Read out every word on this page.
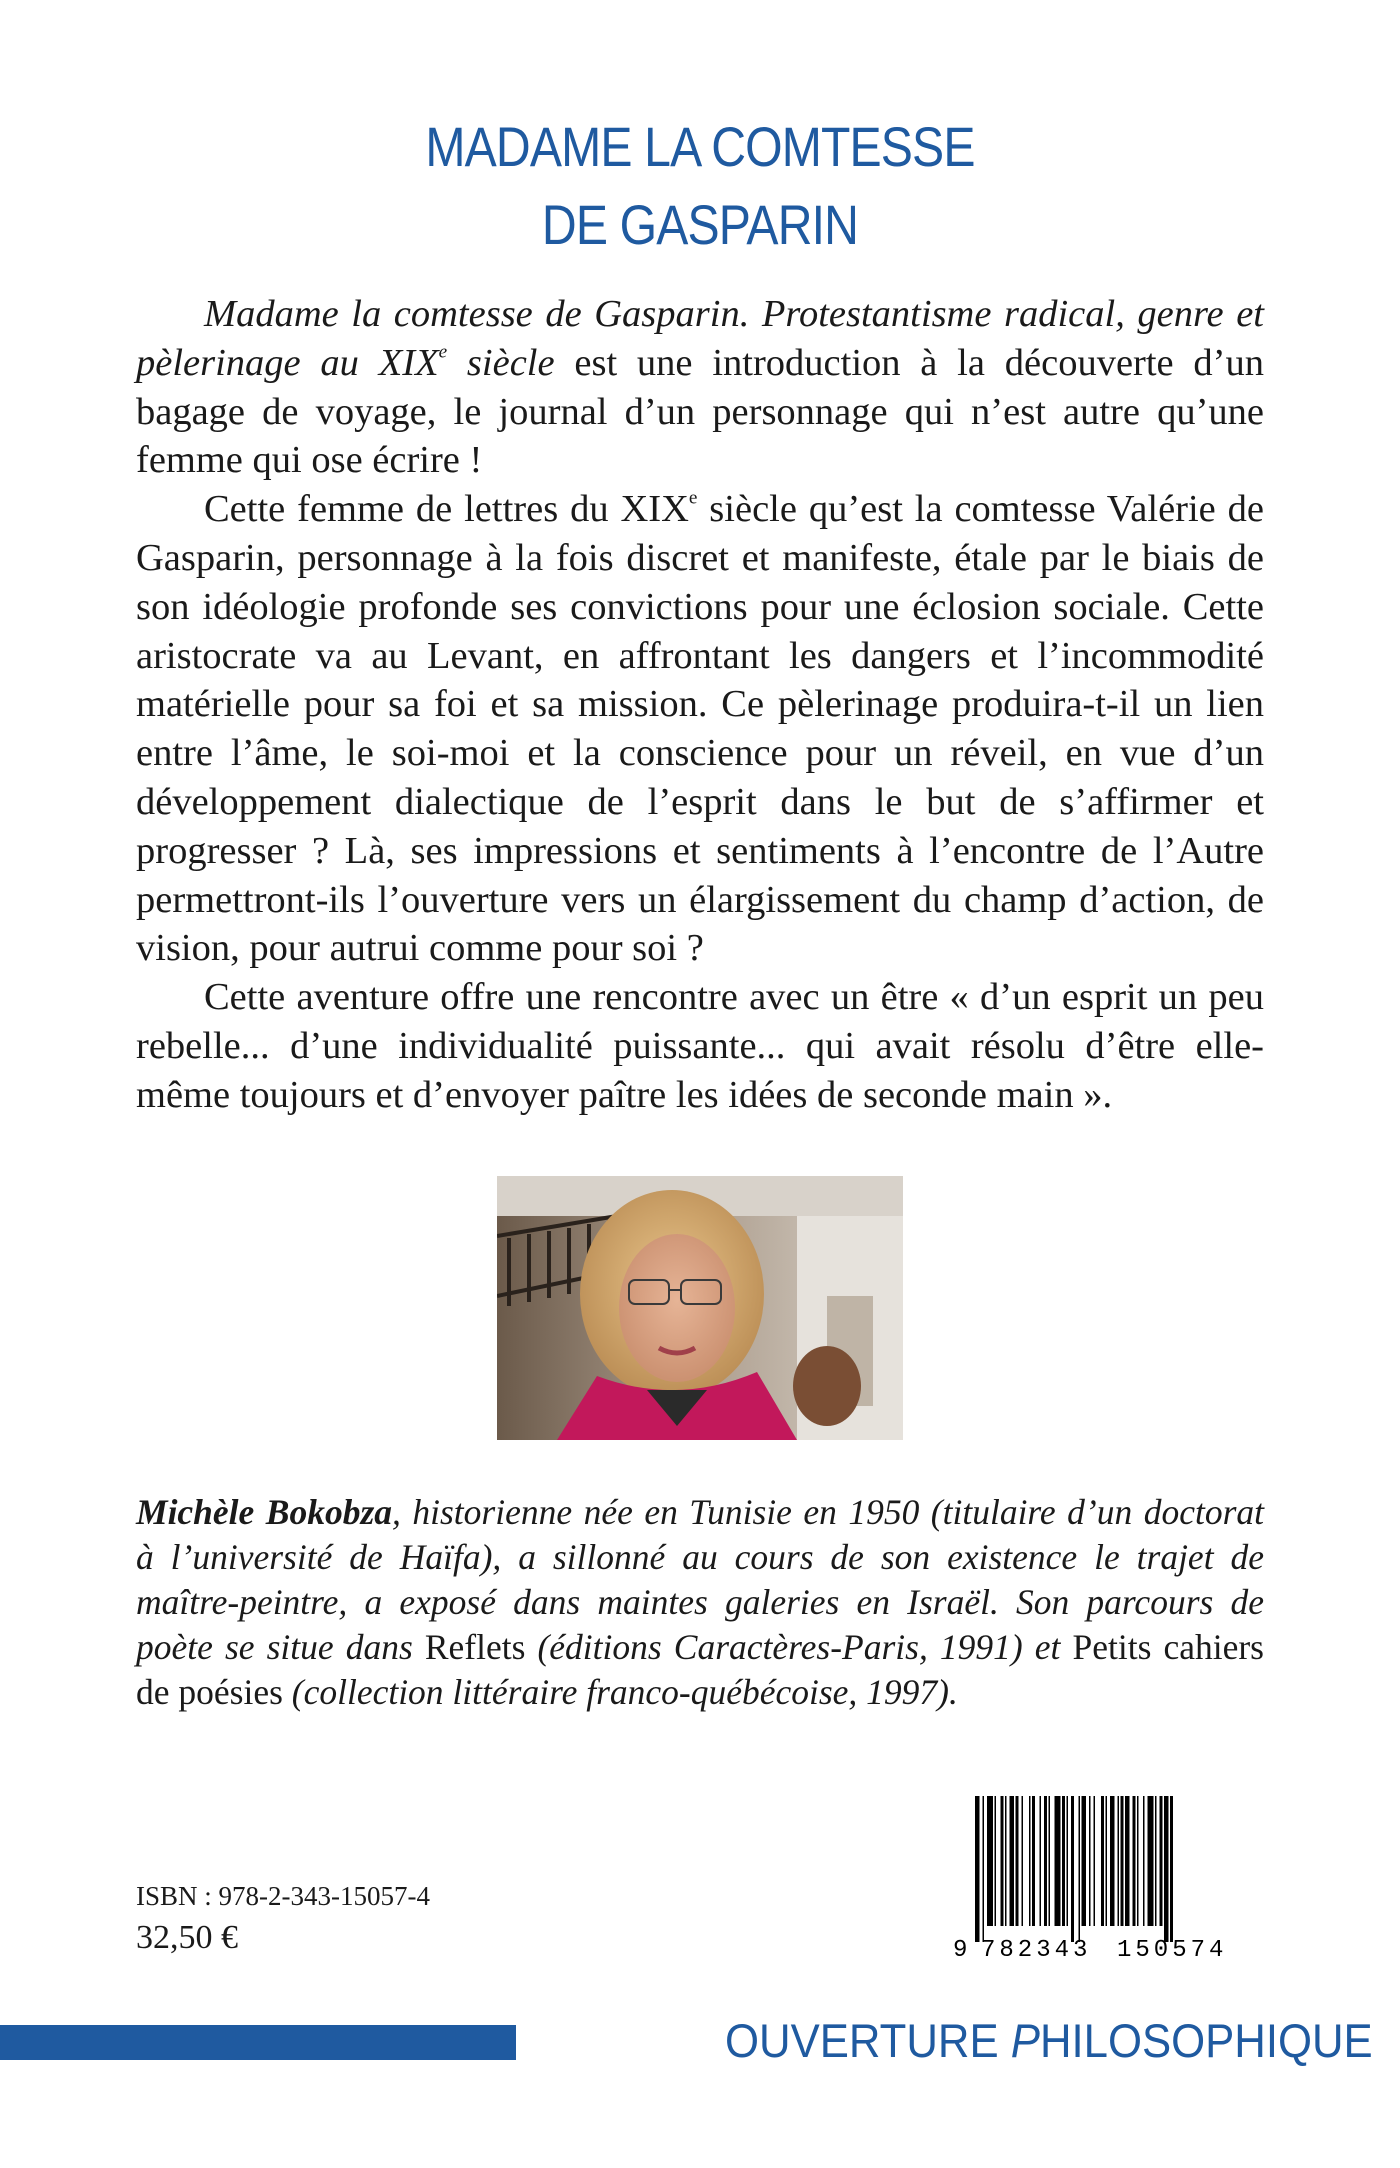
MADAME LA COMTESSE
DE GASPARIN

Madame la comtesse de Gasparin. Protestantisme radical, genre et pèlerinage au XIXe siècle est une introduction à la découverte d’un bagage de voyage, le journal d’un personnage qui n’est autre qu’une femme qui ose écrire !

Cette femme de lettres du XIXe siècle qu’est la comtesse Valérie de Gasparin, personnage à la fois discret et manifeste, étale par le biais de son idéologie profonde ses convictions pour une éclosion sociale. Cette aristocrate va au Levant, en affrontant les dangers et l’incommodité matérielle pour sa foi et sa mission. Ce pèlerinage produira-t-il un lien entre l’âme, le soi-moi et la conscience pour un réveil, en vue d’un développement dialectique de l’esprit dans le but de s’affirmer et progresser ? Là, ses impressions et sentiments à l’encontre de l’Autre permettront-ils l’ouverture vers un élargissement du champ d’action, de vision, pour autrui comme pour soi ?

Cette aventure offre une rencontre avec un être « d’un esprit un peu rebelle... d’une individualité puissante... qui avait résolu d’être elle-même toujours et d’envoyer paître les idées de seconde main ».

Michèle Bokobza, historienne née en Tunisie en 1950 (titulaire d’un doctorat à l’université de Haïfa), a sillonné au cours de son existence le trajet de maître-peintre, a exposé dans maintes galeries en Israël. Son parcours de poète se situe dans Reflets (éditions Caractères-Paris, 1991) et Petits cahiers de poésies (collection littéraire franco-québécoise, 1997).
ISBN : 978-2-343-15057-4
32,50 €	9 782343 150574
OUVERTURE PHILOSOPHIQUE
